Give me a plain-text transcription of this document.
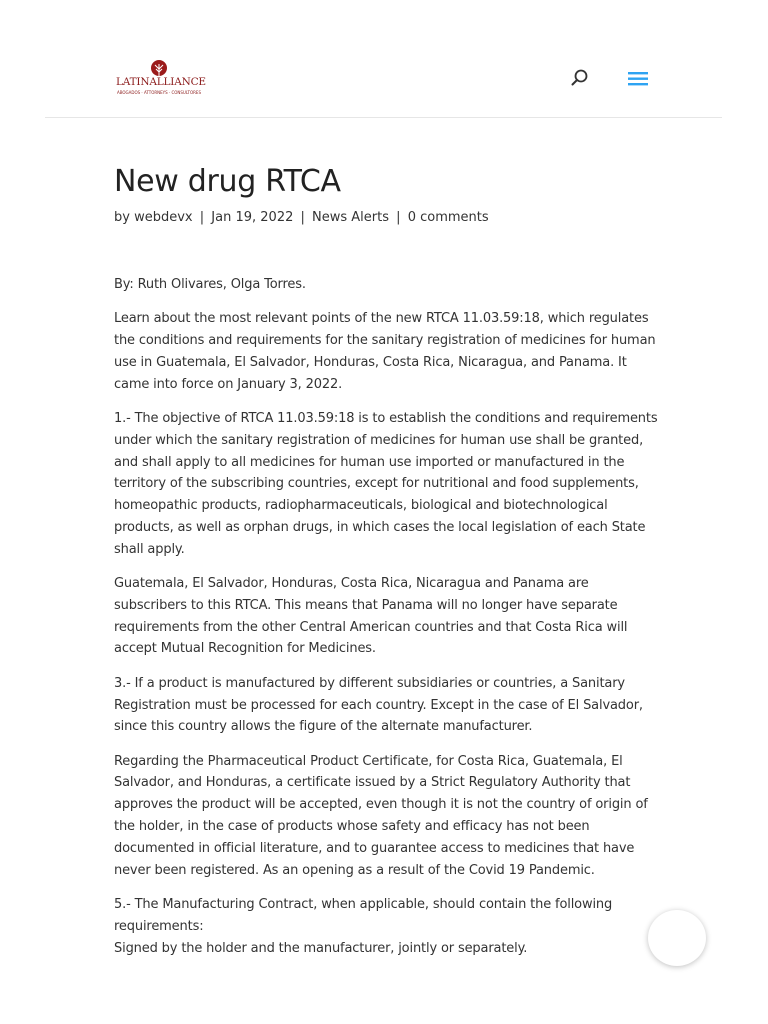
LATINALLIANCE
ABOGADOS · ATTORNEYS · CONSULTORES
New drug RTCA
by webdevx | Jan 19, 2022 | News Alerts | 0 comments

By: Ruth Olivares, Olga Torres.

Learn about the most relevant points of the new RTCA 11.03.59:18, which regulates the conditions and requirements for the sanitary registration of medicines for human use in Guatemala, El Salvador, Honduras, Costa Rica, Nicaragua, and Panama. It came into force on January 3, 2022.

1.- The objective of RTCA 11.03.59:18 is to establish the conditions and requirements under which the sanitary registration of medicines for human use shall be granted, and shall apply to all medicines for human use imported or manufactured in the territory of the subscribing countries, except for nutritional and food supplements, homeopathic products, radiopharmaceuticals, biological and biotechnological products, as well as orphan drugs, in which cases the local legislation of each State shall apply.

Guatemala, El Salvador, Honduras, Costa Rica, Nicaragua and Panama are subscribers to this RTCA. This means that Panama will no longer have separate requirements from the other Central American countries and that Costa Rica will accept Mutual Recognition for Medicines.

3.- If a product is manufactured by different subsidiaries or countries, a Sanitary Registration must be processed for each country. Except in the case of El Salvador, since this country allows the figure of the alternate manufacturer.

Regarding the Pharmaceutical Product Certificate, for Costa Rica, Guatemala, El Salvador, and Honduras, a certificate issued by a Strict Regulatory Authority that approves the product will be accepted, even though it is not the country of origin of the holder, in the case of products whose safety and efficacy has not been documented in official literature, and to guarantee access to medicines that have never been registered. As an opening as a result of the Covid 19 Pandemic.

5.- The Manufacturing Contract, when applicable, should contain the following requirements:

Signed by the holder and the manufacturer, jointly or separately.
